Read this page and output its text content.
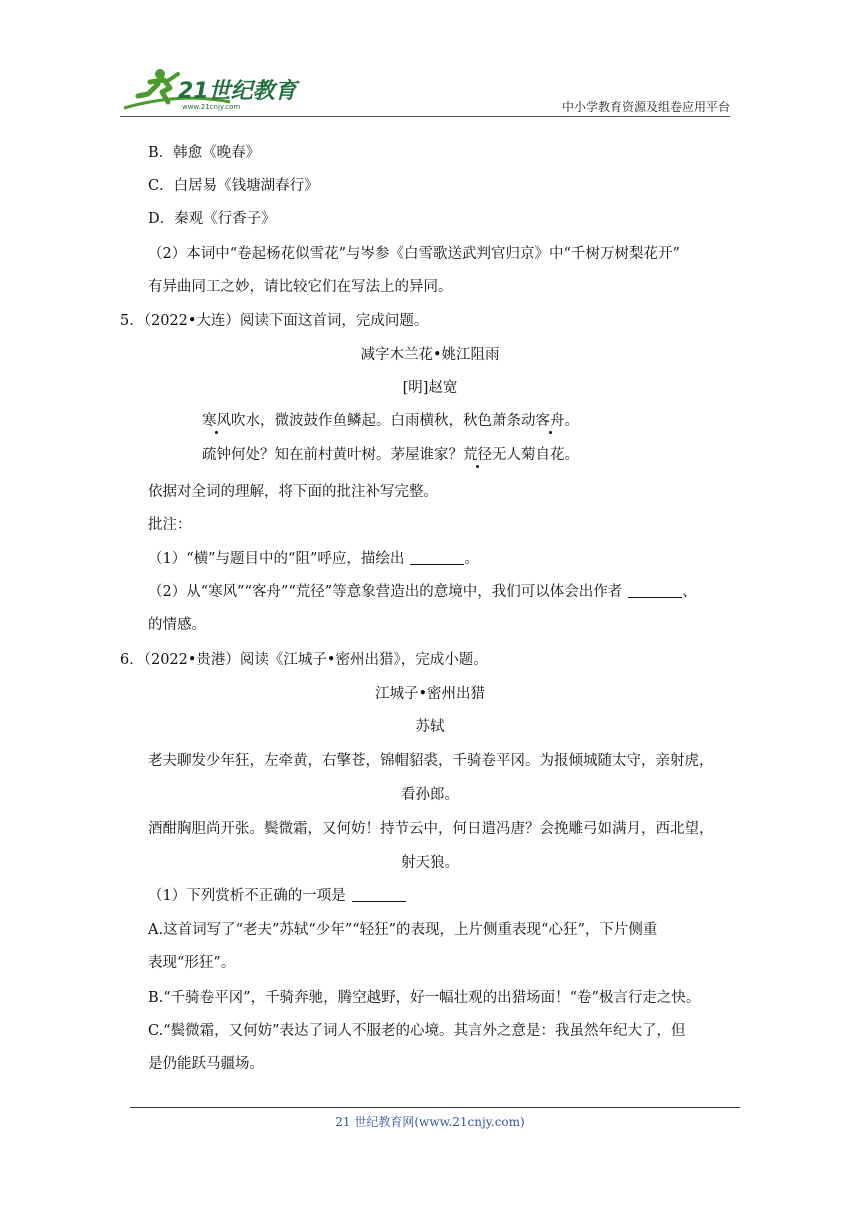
21世纪教育
www.21cnjy.com	中小学教育资源及组卷应用平台
B．韩愈《晚春》
C．白居易《钱塘湖春行》
D．秦观《行香子》
（2）本词中“卷起杨花似雪花”与岑参《白雪歌送武判官归京》中“千树万树梨花开”
有异曲同工之妙，请比较它们在写法上的异同。
5．（2022•大连）阅读下面这首词，完成问题。
减字木兰花•姚江阻雨
[明]赵宽
寒风吹水，微波鼓作鱼鳞起。白雨横秋，秋色萧条动客舟。
疏钟何处？知在前村黄叶树。茅屋谁家？荒径无人菊自花。
依据对全词的理解，将下面的批注补写完整。
批注：
（1）“横”与题目中的“阻”呼应，描绘出	。
（2）从“寒风”“客舟”“荒径”等意象营造出的意境中，我们可以体会出作者	、
的情感。
6．（2022•贵港）阅读《江城子•密州出猎》，完成小题。
江城子•密州出猎
苏轼
老夫聊发少年狂，左牵黄，右擎苍，锦帽貂裘，千骑卷平冈。为报倾城随太守，亲射虎，
看孙郎。
酒酣胸胆尚开张。鬓微霜，又何妨！持节云中，何日遣冯唐？会挽雕弓如满月，西北望，
射天狼。
（1）下列赏析不正确的一项是
A.这首词写了“老夫”苏轼“少年”“轻狂”的表现，上片侧重表现“心狂”，下片侧重
表现“形狂”。
B.“千骑卷平冈”，千骑奔驰，腾空越野，好一幅壮观的出猎场面！“卷”极言行走之快。
C.“鬓微霜，又何妨”表达了词人不服老的心境。其言外之意是：我虽然年纪大了，但
是仍能跃马疆场。
21 世纪教育网(www.21cnjy.com)
